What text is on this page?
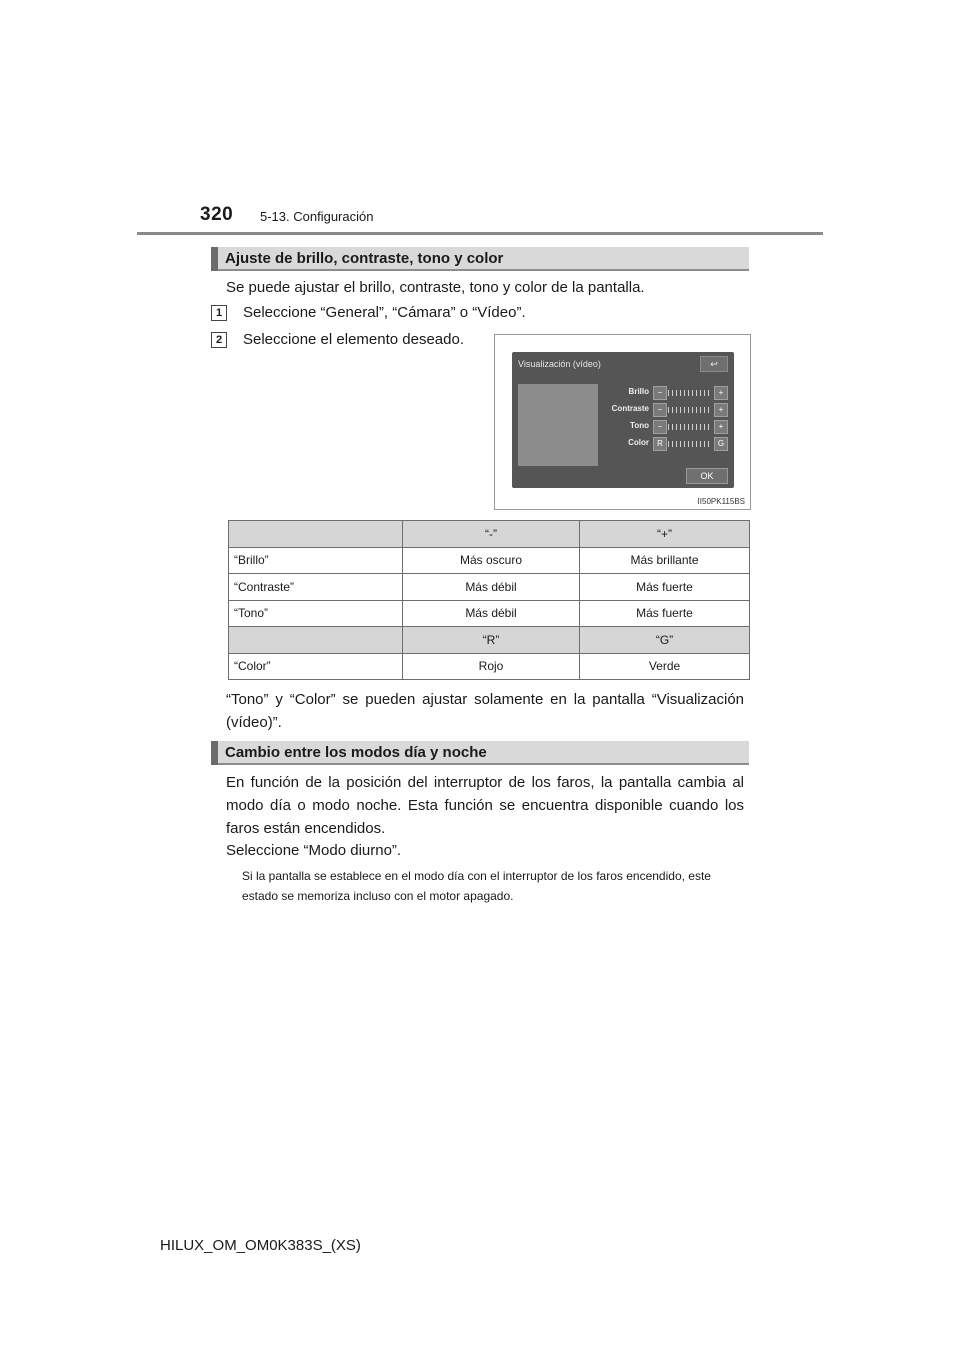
320 5-13. Configuración
Ajuste de brillo, contraste, tono y color
Se puede ajustar el brillo, contraste, tono y color de la pantalla.
1	Seleccione “General”, “Cámara” o “Vídeo”.
2	Seleccione el elemento deseado.
Visualización (vídeo)	↩
Brillo	−	+
Contraste	−	+
Tono	−	+
Color	R	G
OK
II50PK115BS
	“-”	“+”
“Brillo”	Más oscuro	Más brillante
“Contraste”	Más débil	Más fuerte
“Tono”	Más débil	Más fuerte
	“R”	“G”
“Color”	Rojo	Verde
“Tono” y “Color” se pueden ajustar solamente en la pantalla “Visualización (vídeo)”.
Cambio entre los modos día y noche
En función de la posición del interruptor de los faros, la pantalla cambia al modo día o modo noche. Esta función se encuentra disponible cuando los faros están encendidos.
Seleccione “Modo diurno”.
Si la pantalla se establece en el modo día con el interruptor de los faros encendido, este estado se memoriza incluso con el motor apagado.
HILUX_OM_OM0K383S_(XS)
